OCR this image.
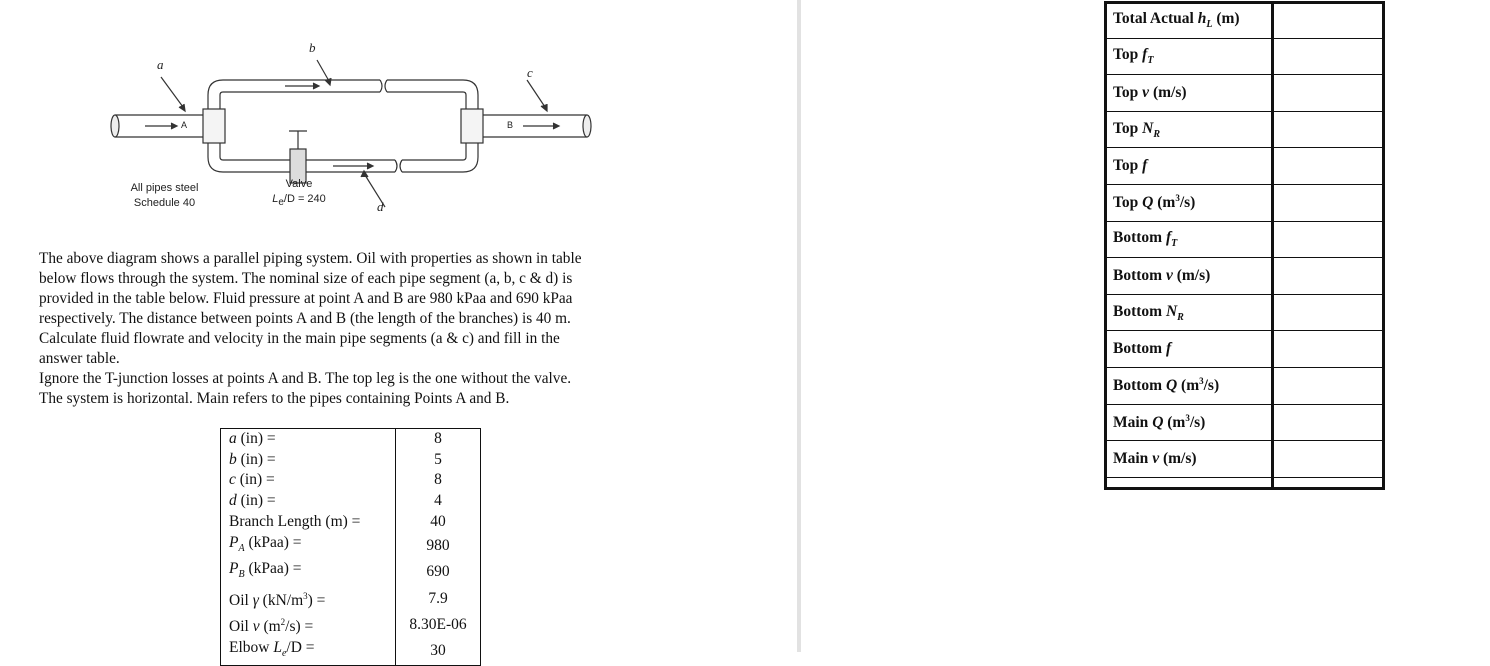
a
b
c
d
A	B
All pipes steel
Schedule 40
Valve
$L_e/D = 240$
The above diagram shows a parallel piping system. Oil with properties as shown in table
below flows through the system. The nominal size of each pipe segment (a, b, c & d) is
provided in the table below. Fluid pressure at point A and B are 980 kPaa and 690 kPaa
respectively. The distance between points A and B (the length of the branches) is 40 m.
Calculate fluid flowrate and velocity in the main pipe segments (a & c) and fill in the
answer table.
Ignore the T-junction losses at points A and B. The top leg is the one without the valve.
The system is horizontal. Main refers to the pipes containing Points A and B.
a (in) =	8
b (in) =	5
c (in) =	8
d (in) =	4
Branch Length (m) =	40
$P_A$ (kPaa) =	980
$P_B$ (kPaa) =	690
Oil γ $(kN/m^3)$ =	7.9
Oil ν $(m^2/s)$ =	8.30E-06
Elbow $L_e/D$ =	30
Total Actual $h_L$ (m)	
Top $f_T$	
Top v (m/s)	
Top $N_R$	
Top f	
Top Q $(m^3/s)$	
Bottom $f_T$	
Bottom v (m/s)	
Bottom $N_R$	
Bottom f	
Bottom Q $(m^3/s)$	
Main Q $(m^3/s)$	
Main v (m/s)	
